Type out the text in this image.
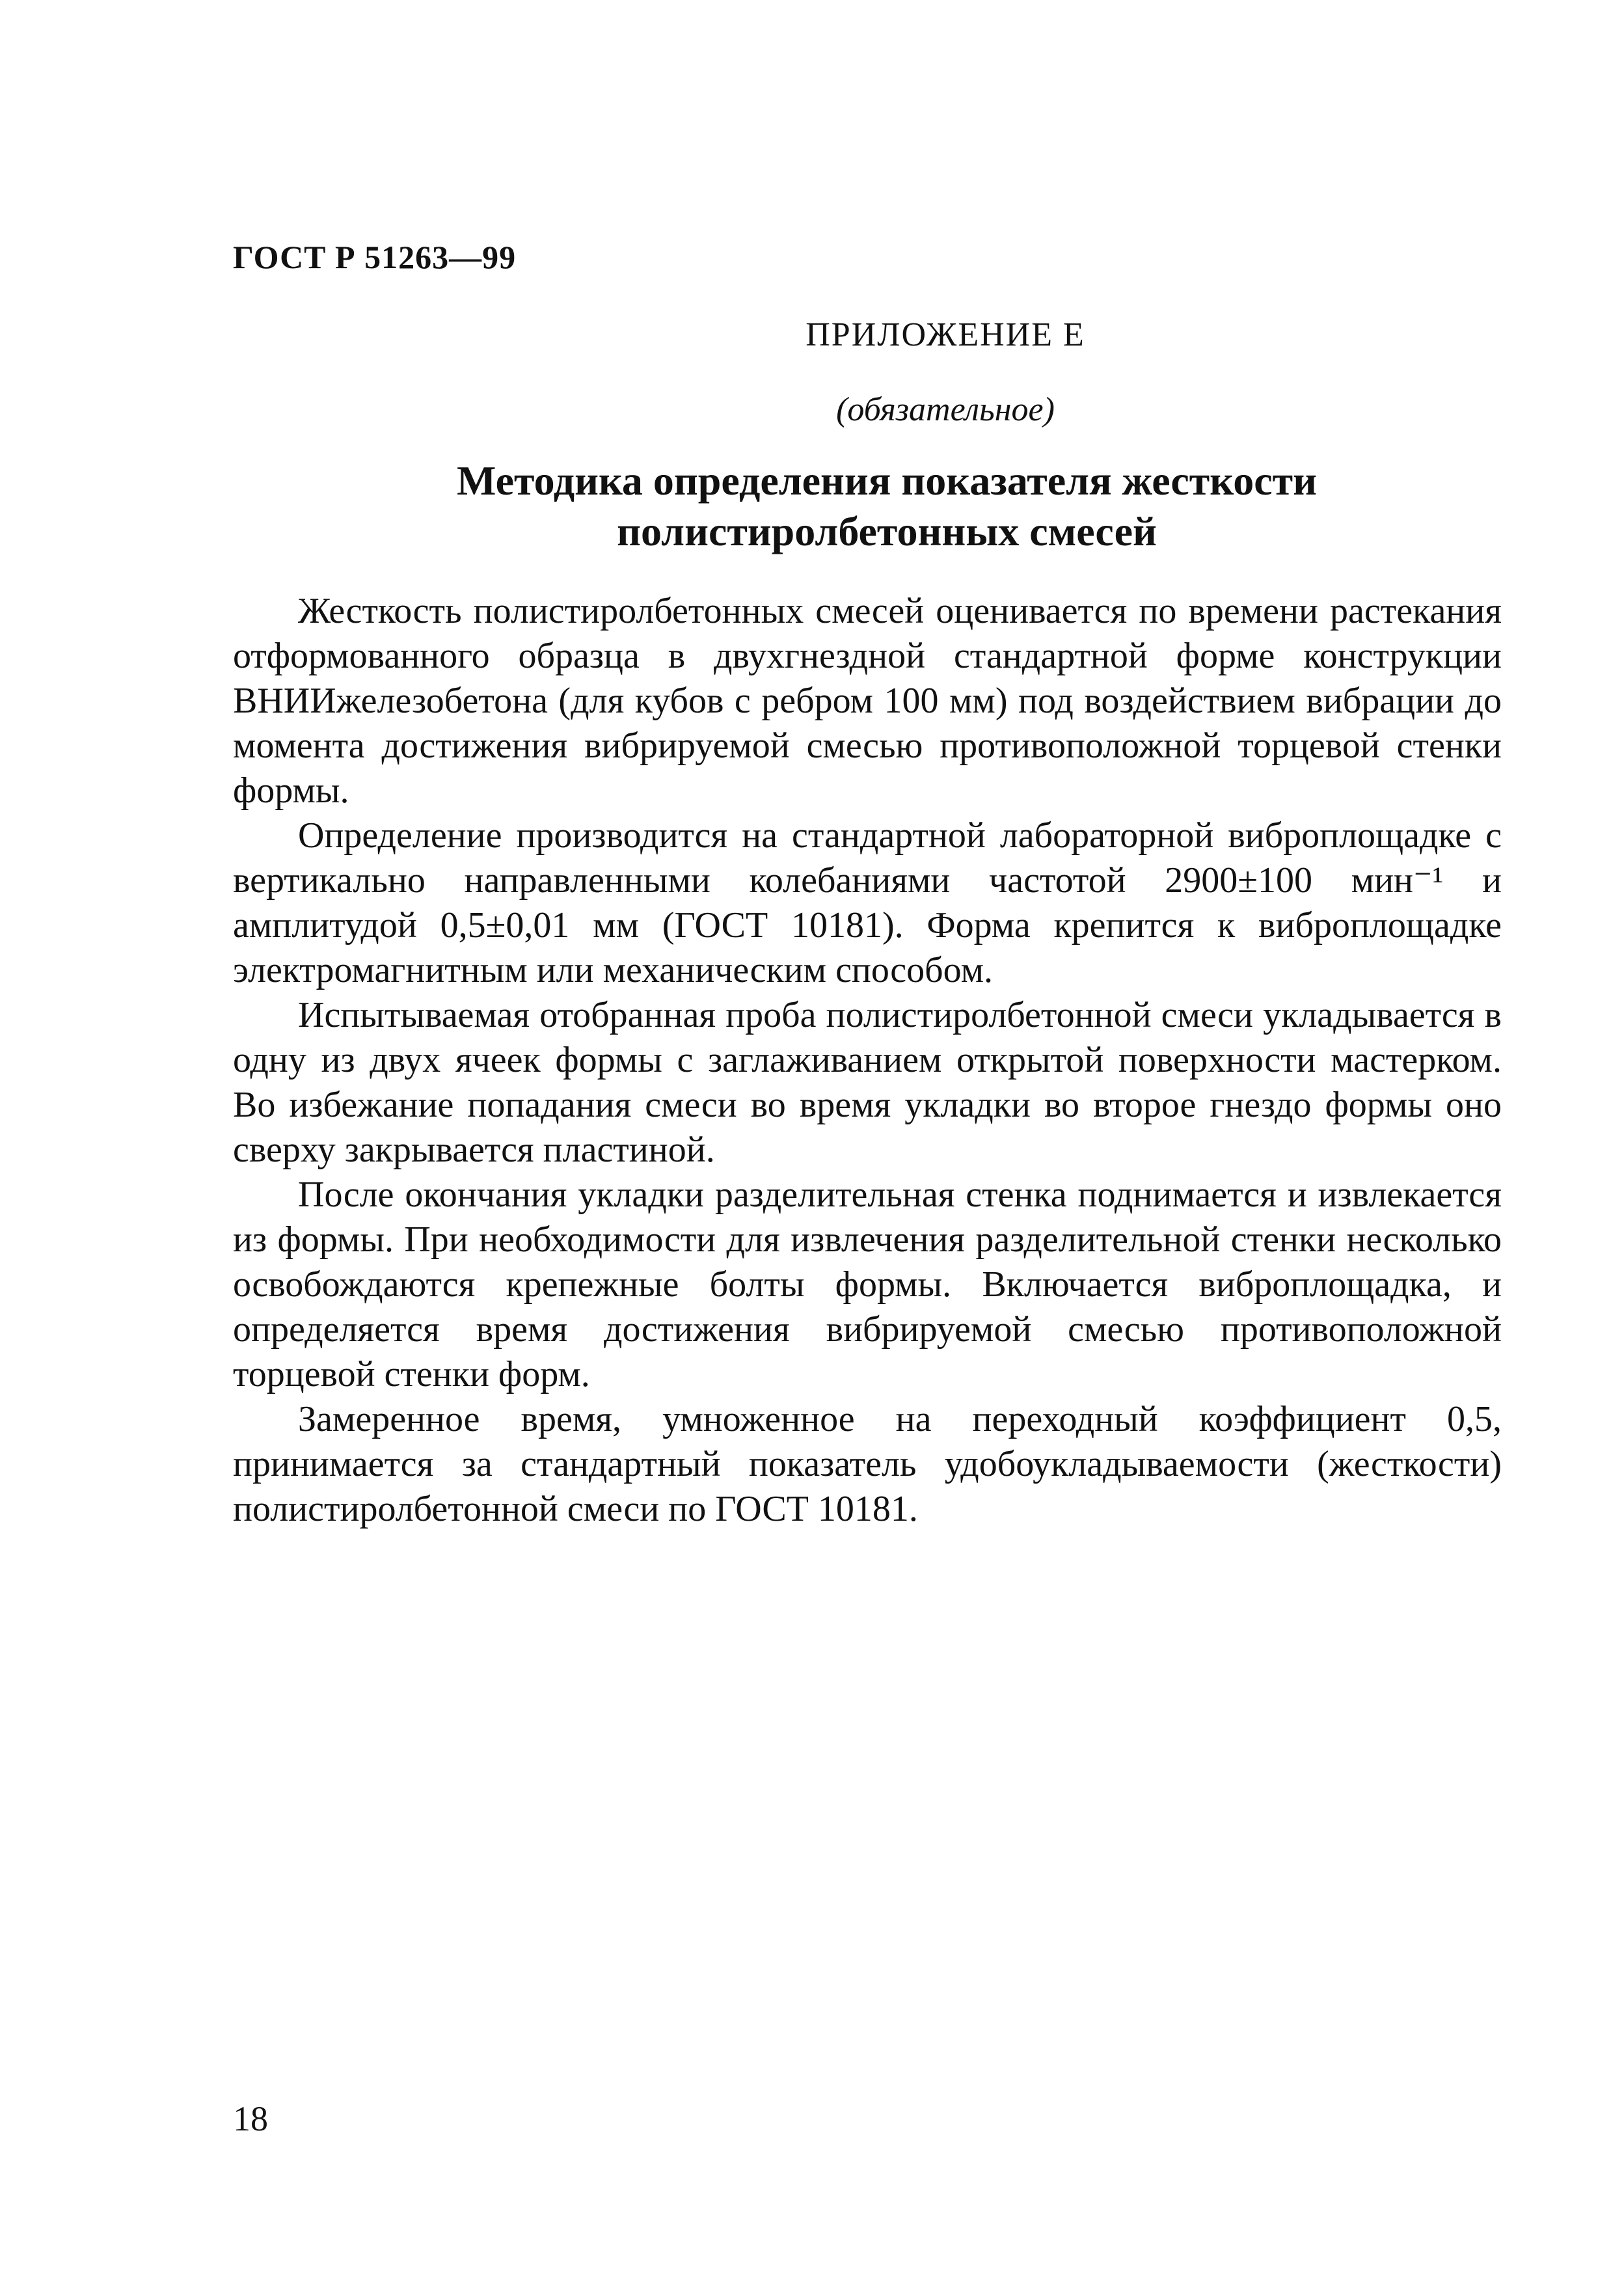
ГОСТ Р 51263—99

ПРИЛОЖЕНИЕ Е

(обязательное)

Методика определения показателя жесткости
полистиролбетонных смесей

Жесткость полистиролбетонных смесей оценивается по времени растекания отформованного образца в двухгнездной стандартной форме конструкции ВНИИжелезобетона (для кубов с ребром 100 мм) под воздействием вибрации до момента достижения вибрируемой смесью противоположной торцевой стенки формы.

Определение производится на стандартной лабораторной виброплощадке с вертикально направленными колебаниями частотой 2900±100 мин⁻¹ и амплитудой 0,5±0,01 мм (ГОСТ 10181). Форма крепится к виброплощадке электромагнитным или механическим способом.

Испытываемая отобранная проба полистиролбетонной смеси укладывается в одну из двух ячеек формы с заглаживанием открытой поверхности мастерком. Во избежание попадания смеси во время укладки во второе гнездо формы оно сверху закрывается пластиной.

После окончания укладки разделительная стенка поднимается и извлекается из формы. При необходимости для извлечения разделительной стенки несколько освобождаются крепежные болты формы. Включается виброплощадка, и определяется время достижения вибрируемой смесью противоположной торцевой стенки форм.

Замеренное время, умноженное на переходный коэффициент 0,5, принимается за стандартный показатель удобоукладываемости (жесткости) полистиролбетонной смеси по ГОСТ 10181.

18
